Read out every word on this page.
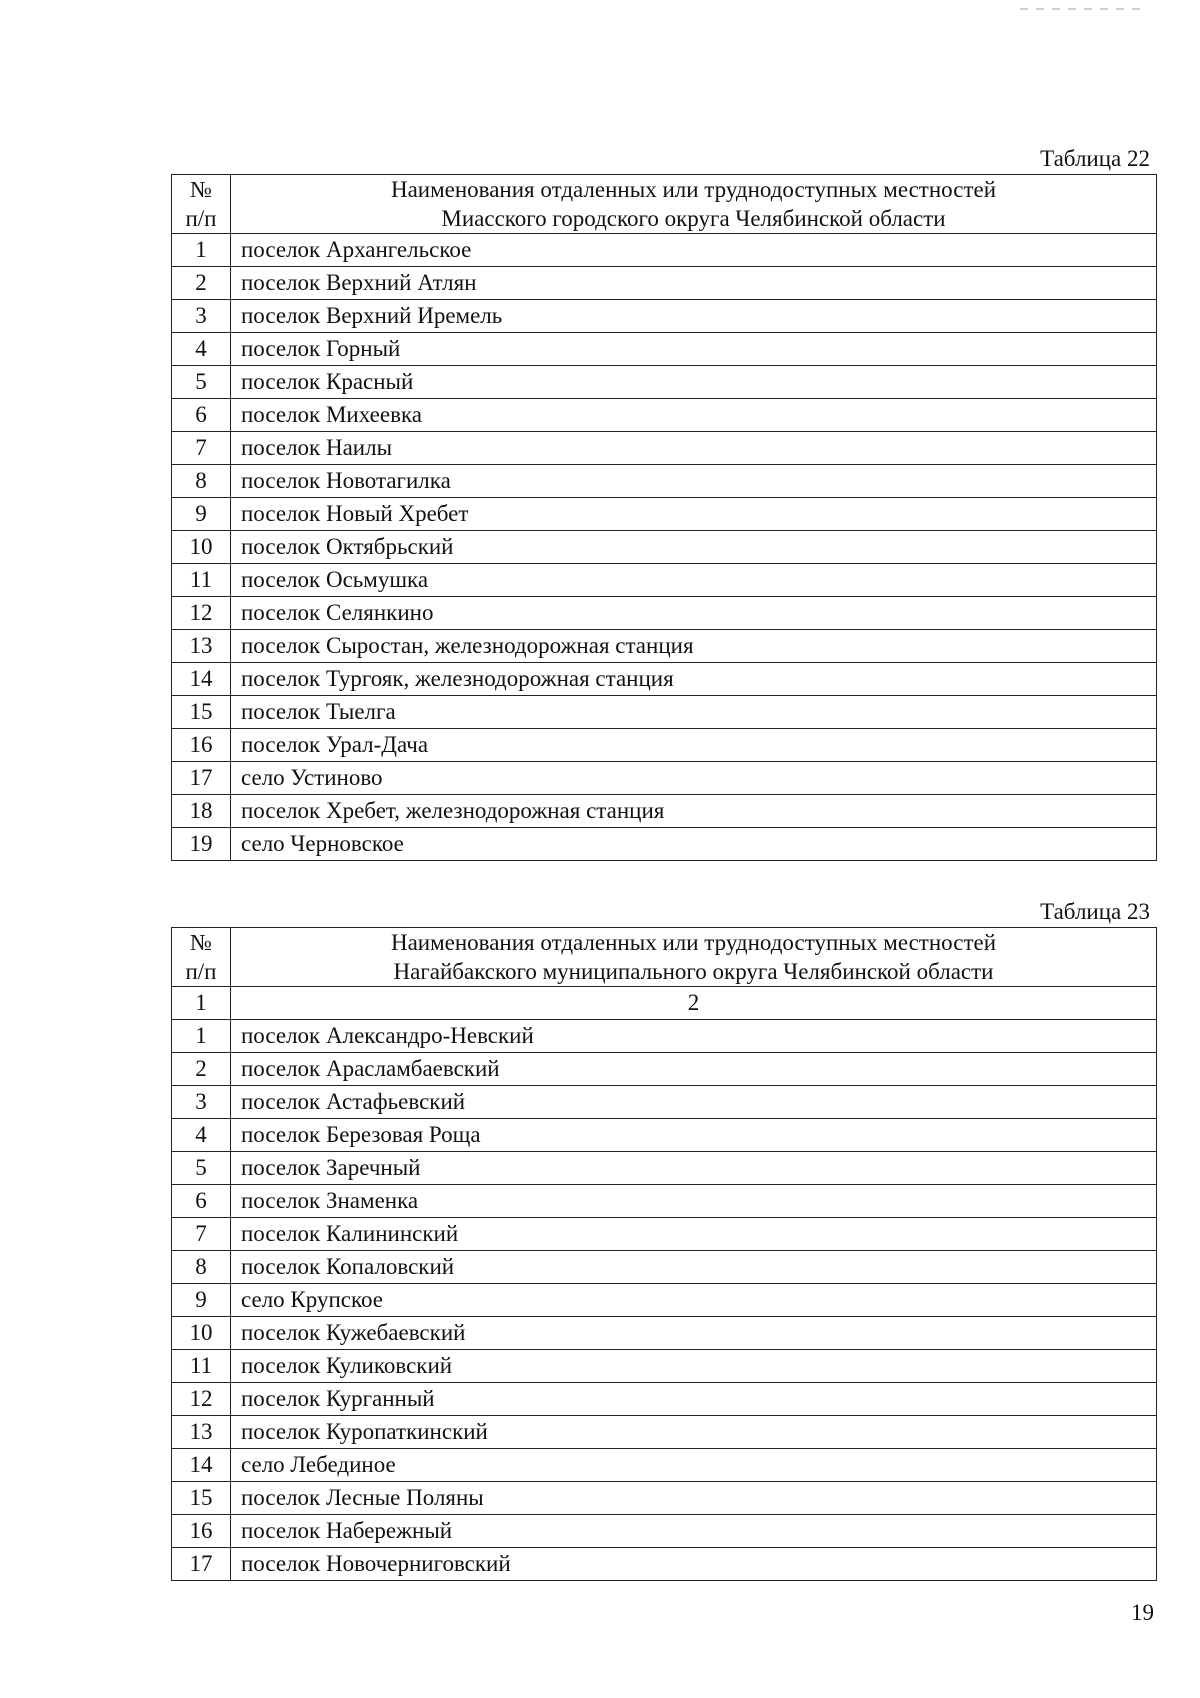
Таблица 22
№
п/п	Наименования отдаленных или труднодоступных местностей
Миасского городского округа Челябинской области

1	поселок Архангельское
2	поселок Верхний Атлян
3	поселок Верхний Иремель
4	поселок Горный
5	поселок Красный
6	поселок Михеевка
7	поселок Наилы
8	поселок Новотагилка
9	поселок Новый Хребет
10	поселок Октябрьский
11	поселок Осьмушка
12	поселок Селянкино
13	поселок Сыростан, железнодорожная станция
14	поселок Тургояк, железнодорожная станция
15	поселок Тыелга
16	поселок Урал-Дача
17	село Устиново
18	поселок Хребет, железнодорожная станция
19	село Черновское
Таблица 23
№
п/п	Наименования отдаленных или труднодоступных местностей
Нагайбакского муниципального округа Челябинской области

1	2
1	поселок Александро-Невский
2	поселок Арасламбаевский
3	поселок Астафьевский
4	поселок Березовая Роща
5	поселок Заречный
6	поселок Знаменка
7	поселок Калининский
8	поселок Копаловский
9	село Крупское
10	поселок Кужебаевский
11	поселок Куликовский
12	поселок Курганный
13	поселок Куропаткинский
14	село Лебединое
15	поселок Лесные Поляны
16	поселок Набережный
17	поселок Новочерниговский
19
